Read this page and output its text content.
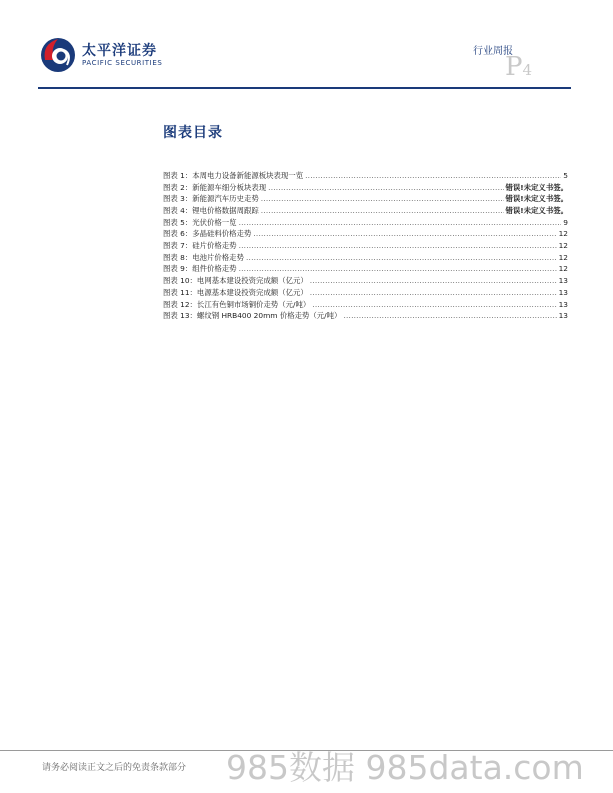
太平洋证券
PACIFIC SECURITIES
行业周报
P4
图表目录
图表 1：本周电力设备新能源板块表现一览 .....	5
图表 2：新能源车细分板块表现 .....	错误!未定义书签。
图表 3：新能源汽车历史走势 .....	错误!未定义书签。
图表 4：锂电价格数据周跟踪 .....	错误!未定义书签。
图表 5：光伏价格一览 .....	9
图表 6：多晶硅料价格走势 .....	12
图表 7：硅片价格走势 .....	12
图表 8：电池片价格走势 .....	12
图表 9：组件价格走势 .....	12
图表 10：电网基本建设投资完成额（亿元） .....	13
图表 11：电源基本建设投资完成额（亿元） .....	13
图表 12：长江有色铜市场铜价走势（元/吨） .....	13
图表 13：螺纹钢 HRB400 20mm 价格走势（元/吨） .....	13
请务必阅读正文之后的免责条款部分 985数据 985data.com
